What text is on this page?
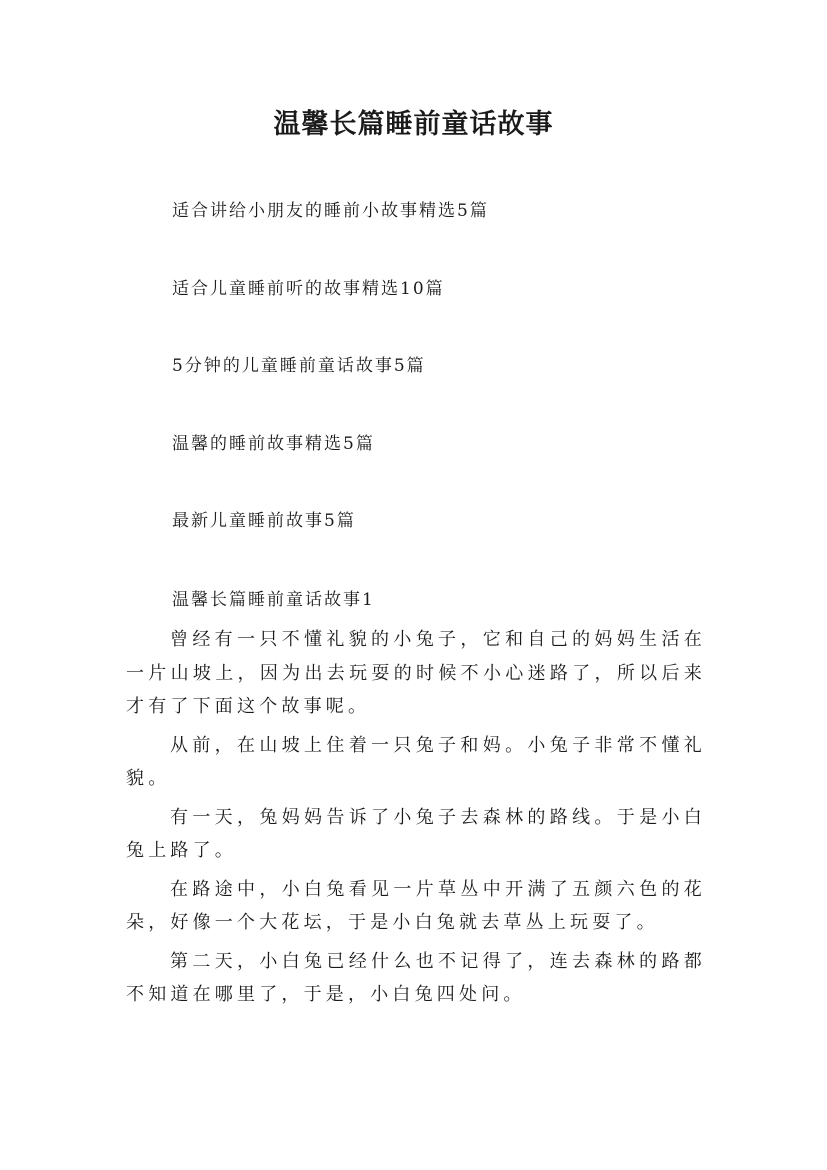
温馨长篇睡前童话故事
适合讲给小朋友的睡前小故事精选5篇
适合儿童睡前听的故事精选10篇
5分钟的儿童睡前童话故事5篇
温馨的睡前故事精选5篇
最新儿童睡前故事5篇
温馨长篇睡前童话故事1

曾经有一只不懂礼貌的小兔子，它和自己的妈妈生活在一片山坡上，因为出去玩耍的时候不小心迷路了，所以后来才有了下面这个故事呢。

从前，在山坡上住着一只兔子和妈。小兔子非常不懂礼貌。

有一天，兔妈妈告诉了小兔子去森林的路线。于是小白兔上路了。

在路途中，小白兔看见一片草丛中开满了五颜六色的花朵，好像一个大花坛，于是小白兔就去草丛上玩耍了。

第二天，小白兔已经什么也不记得了，连去森林的路都不知道在哪里了，于是，小白兔四处问。
